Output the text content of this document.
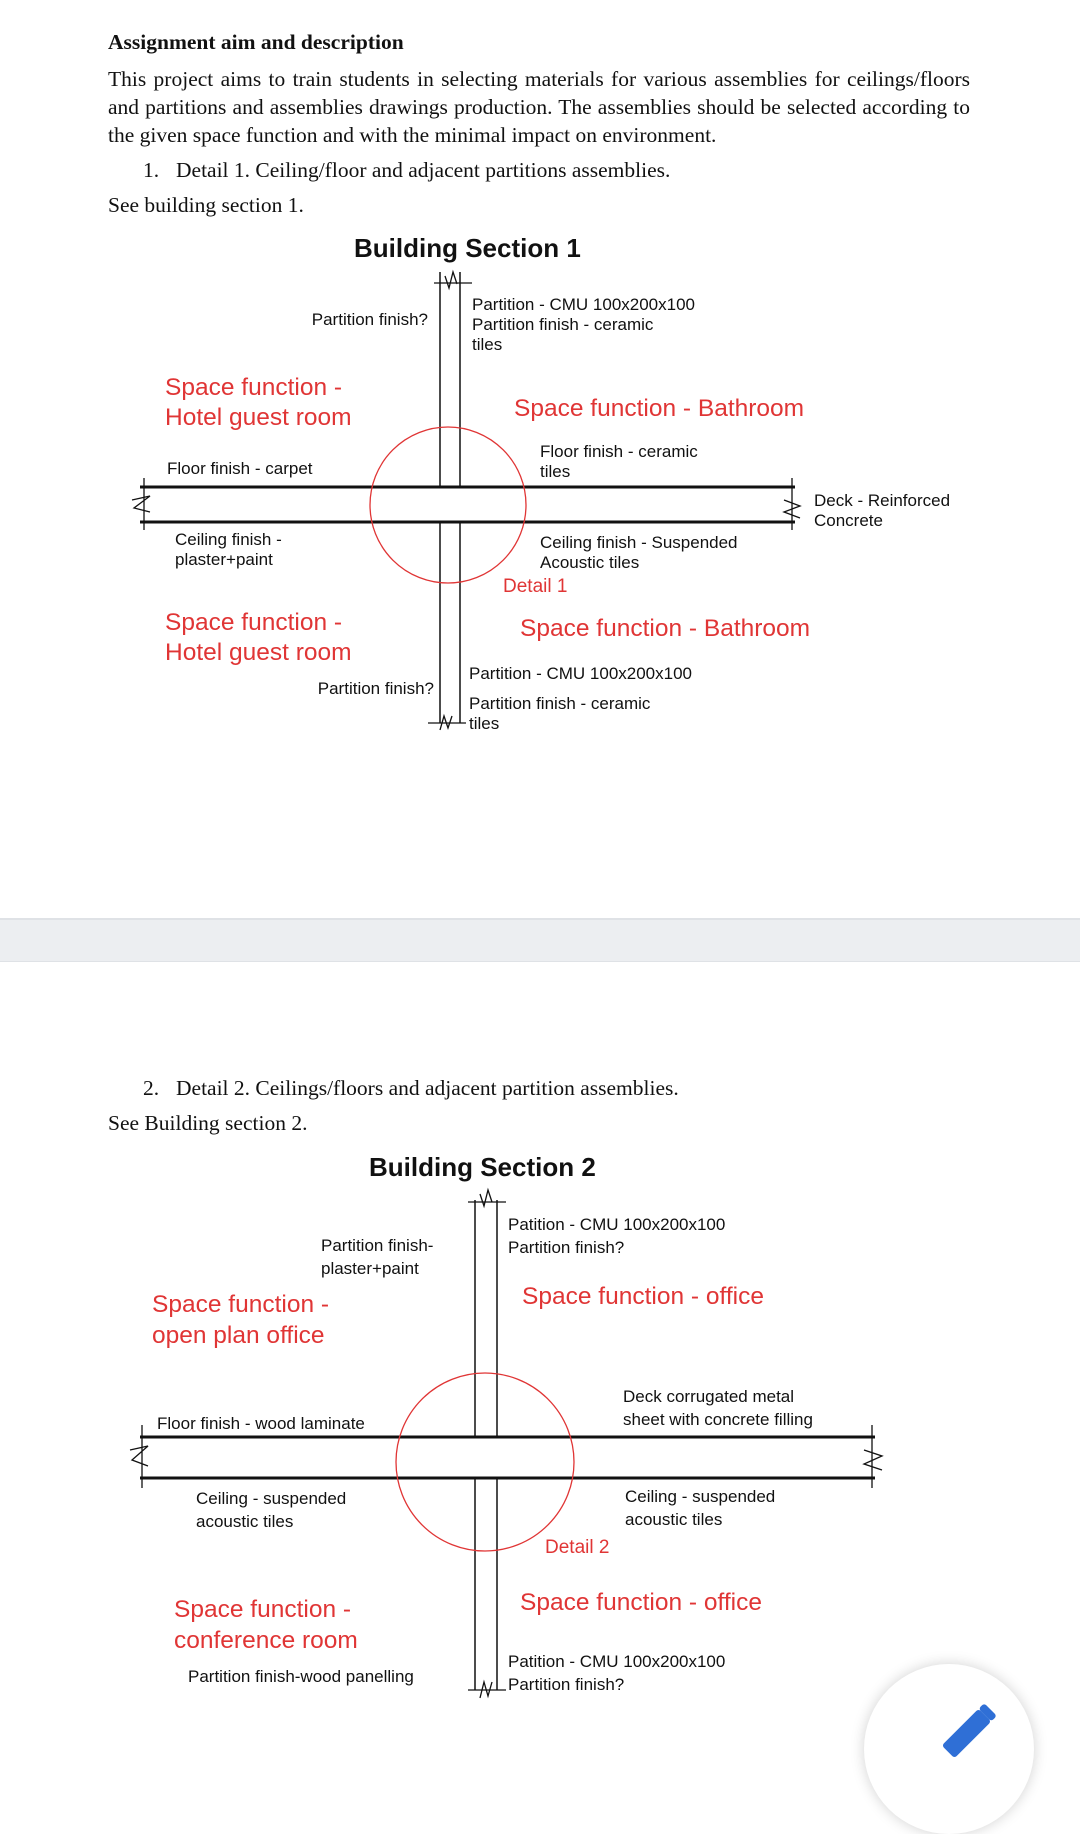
Assignment aim and description
This project aims to train students in selecting materials for various assemblies for ceilings/floors and partitions and assemblies drawings production. The assemblies should be selected according to the given space function and with the minimal impact on environment.
1. Detail 1. Ceiling/floor and adjacent partitions assemblies.
See building section 1.
Building Section 1
Partition finish?
Partition - CMU 100x200x100
Partition finish - ceramic
tiles
Space function -
Hotel guest room	Space function - Bathroom
Floor finish - carpet
Floor finish - ceramic
tiles
Deck - Reinforced
Concrete
Ceiling finish -
plaster+paint
Ceiling finish - Suspended
Acoustic tiles
Detail 1
Space function -
Hotel guest room
Space function - Bathroom
Partition finish?
Partition - CMU 100x200x100
Partition finish - ceramic
tiles
2. Detail 2. Ceilings/floors and adjacent partition assemblies.
See Building section 2.
Building Section 2
Partition finish-
plaster+paint
Patition - CMU 100x200x100
Partition finish?
Space function -
open plan office
Space function - office
Floor finish - wood laminate
Deck corrugated metal
sheet with concrete filling
Ceiling - suspended
acoustic tiles
Ceiling - suspended
acoustic tiles
Detail 2
Space function -
conference room
Space function - office
Partition finish-wood panelling
Patition - CMU 100x200x100
Partition finish?
